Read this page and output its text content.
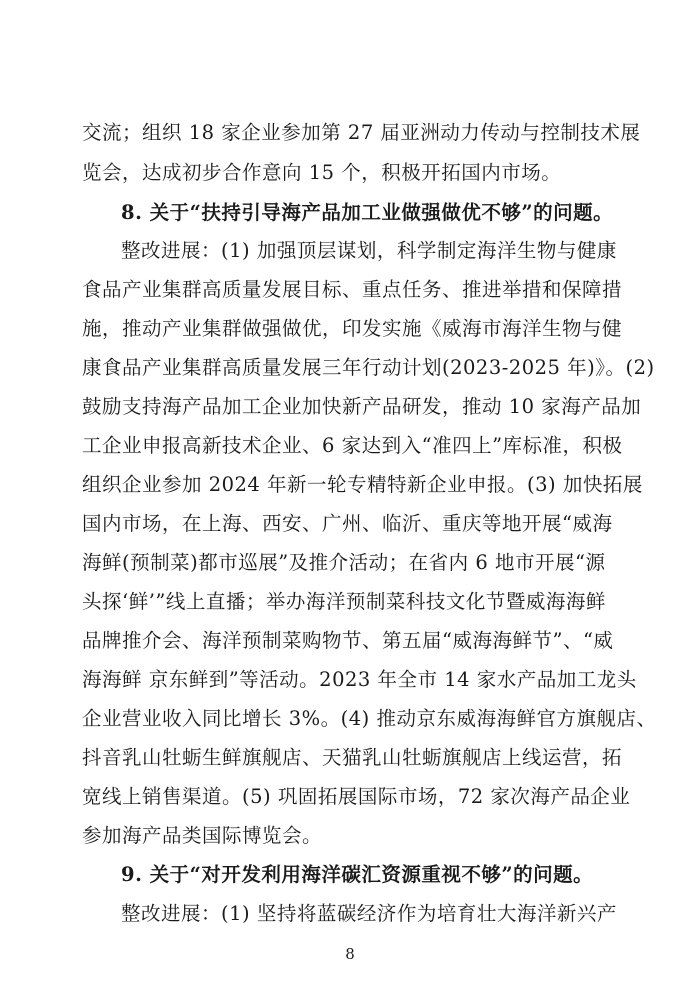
交流；组织 18 家企业参加第 27 届亚洲动力传动与控制技术展
览会，达成初步合作意向 15 个，积极开拓国内市场。
8. 关于“扶持引导海产品加工业做强做优不够”的问题。
整改进展：(1) 加强顶层谋划，科学制定海洋生物与健康
食品产业集群高质量发展目标、重点任务、推进举措和保障措
施，推动产业集群做强做优，印发实施《威海市海洋生物与健
康食品产业集群高质量发展三年行动计划(2023-2025 年)》。(2)
鼓励支持海产品加工企业加快新产品研发，推动 10 家海产品加
工企业申报高新技术企业、6 家达到入“准四上”库标准，积极
组织企业参加 2024 年新一轮专精特新企业申报。(3) 加快拓展
国内市场，在上海、西安、广州、临沂、重庆等地开展“威海
海鲜(预制菜)都市巡展”及推介活动；在省内 6 地市开展“源
头探‘鲜’”线上直播；举办海洋预制菜科技文化节暨威海海鲜
品牌推介会、海洋预制菜购物节、第五届“威海海鲜节”、“威
海海鲜 京东鲜到”等活动。2023 年全市 14 家水产品加工龙头
企业营业收入同比增长 3%。(4) 推动京东威海海鲜官方旗舰店、
抖音乳山牡蛎生鲜旗舰店、天猫乳山牡蛎旗舰店上线运营，拓
宽线上销售渠道。(5) 巩固拓展国际市场，72 家次海产品企业
参加海产品类国际博览会。
9. 关于“对开发利用海洋碳汇资源重视不够”的问题。
整改进展：(1) 坚持将蓝碳经济作为培育壮大海洋新兴产
8
